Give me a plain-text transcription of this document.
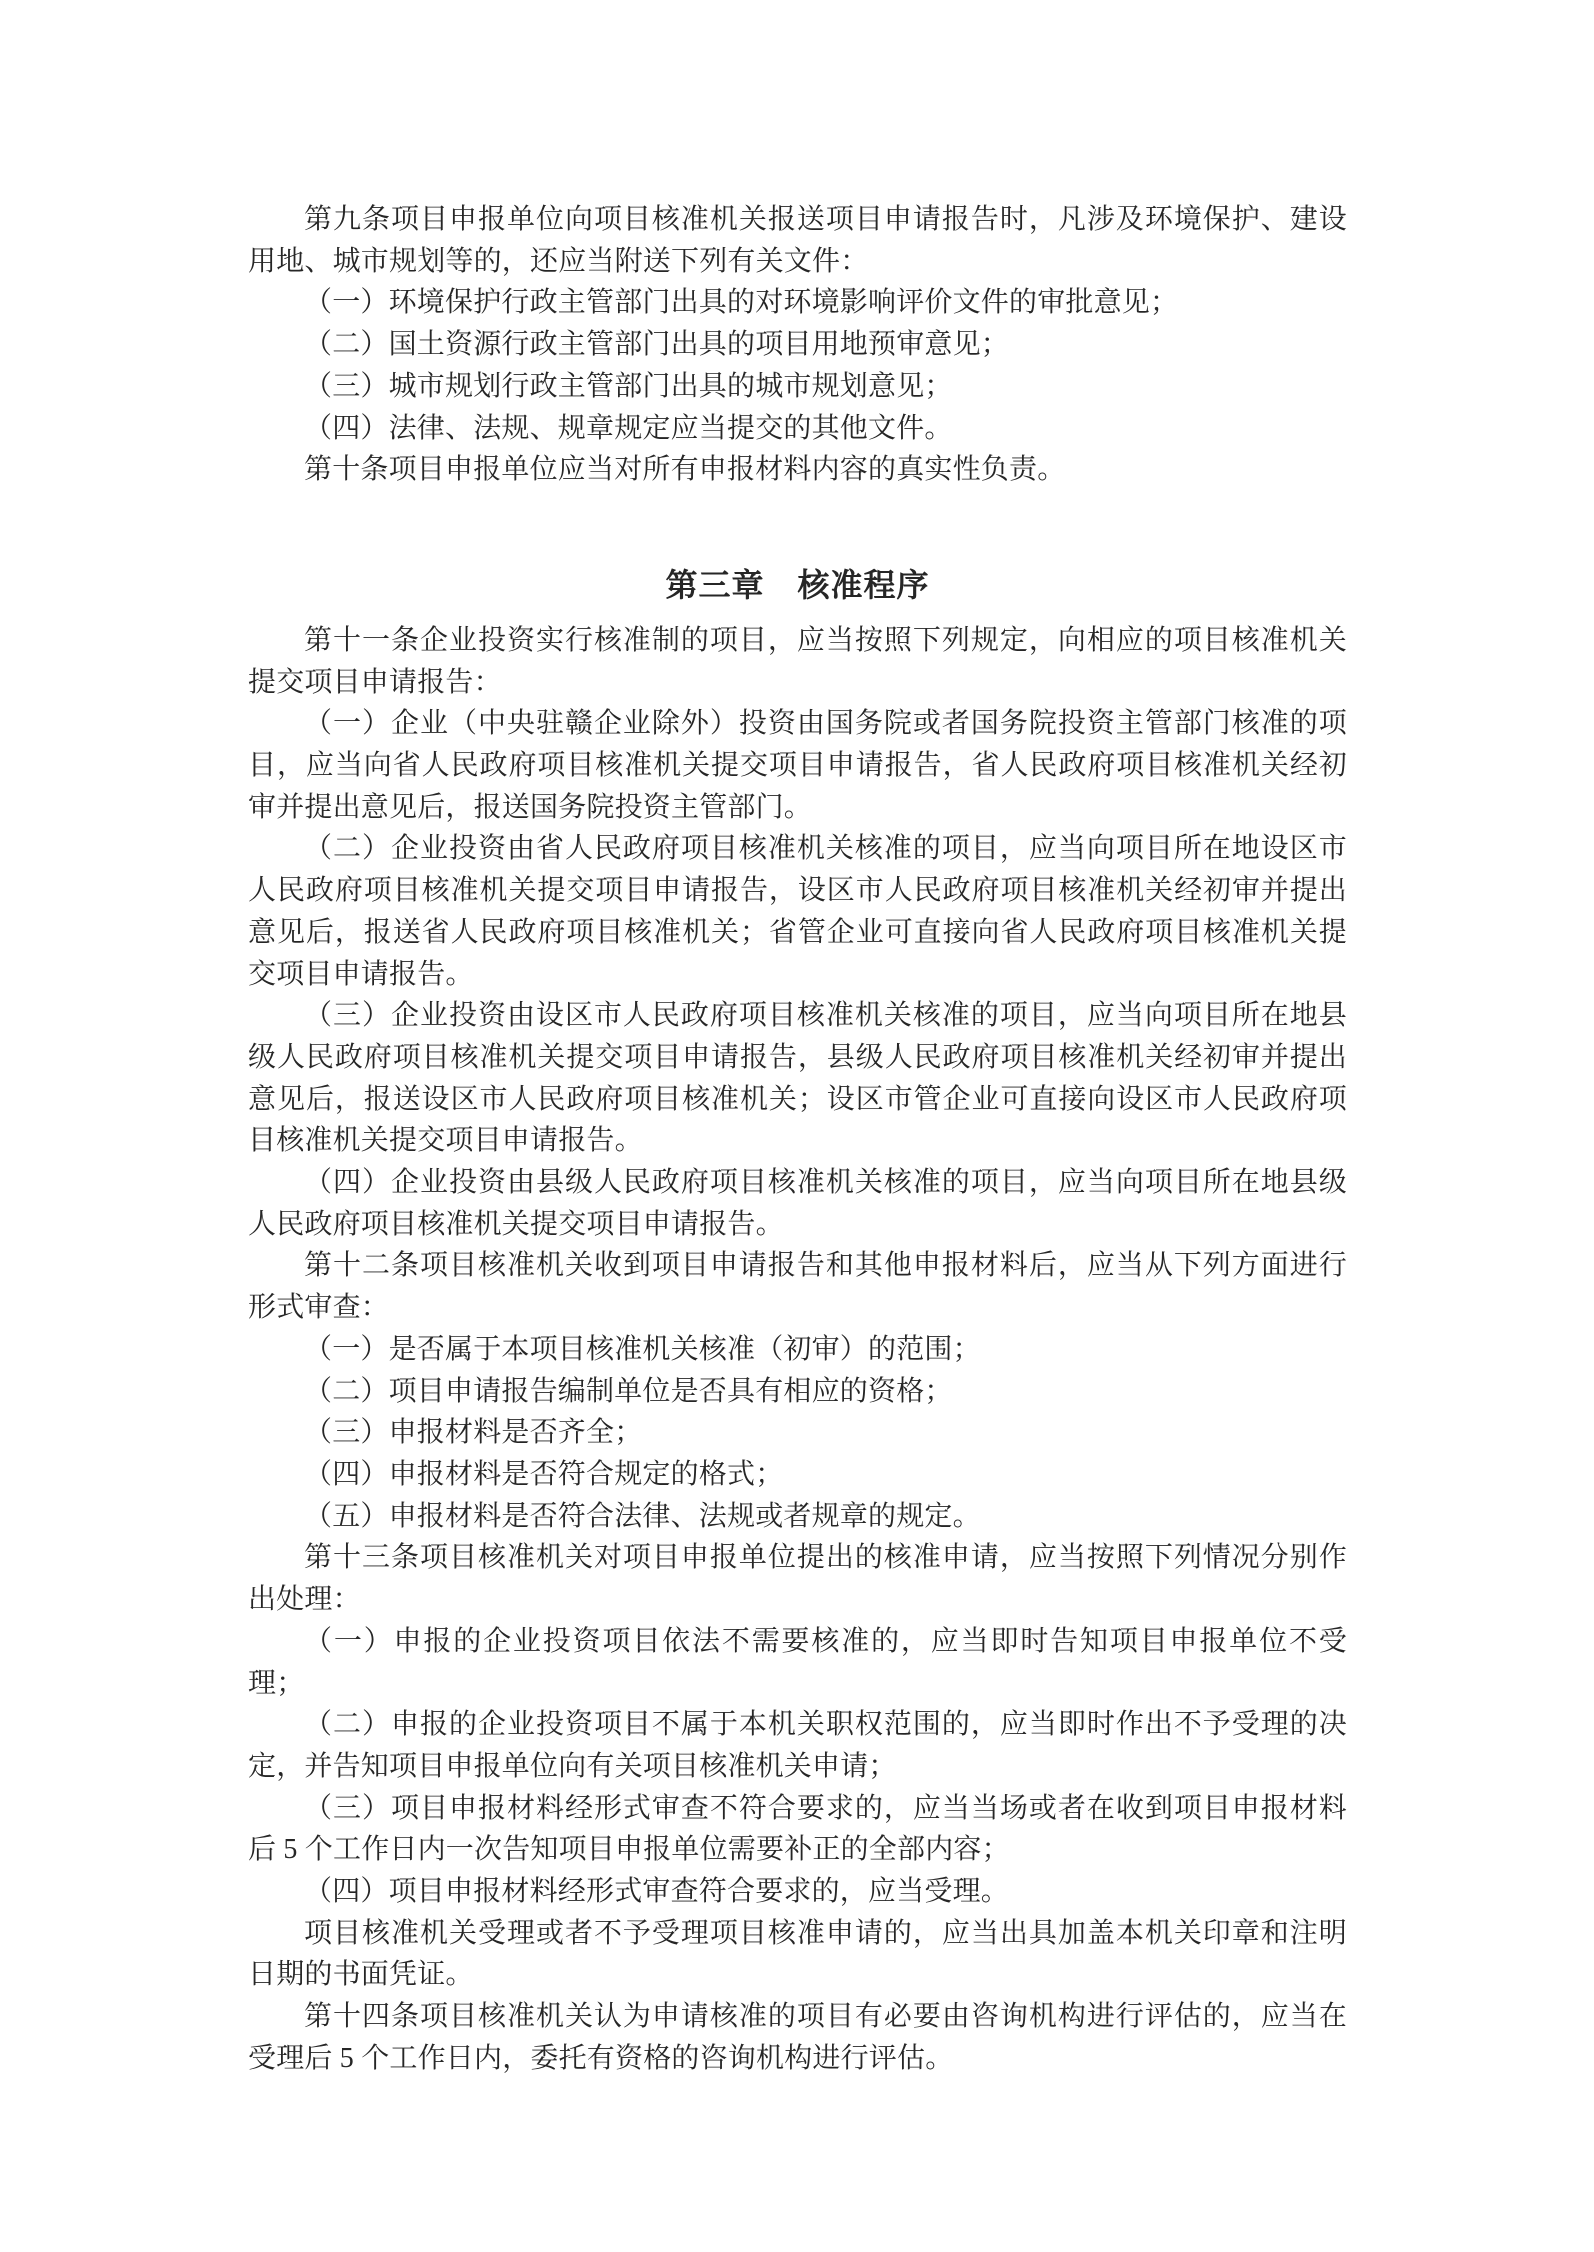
第九条项目申报单位向项目核准机关报送项目申请报告时，凡涉及环境保护、建设用地、城市规划等的，还应当附送下列有关文件：

（一）环境保护行政主管部门出具的对环境影响评价文件的审批意见；

（二）国土资源行政主管部门出具的项目用地预审意见；

（三）城市规划行政主管部门出具的城市规划意见；

（四）法律、法规、规章规定应当提交的其他文件。

第十条项目申报单位应当对所有申报材料内容的真实性负责。

第三章　核准程序

第十一条企业投资实行核准制的项目，应当按照下列规定，向相应的项目核准机关提交项目申请报告：

（一）企业（中央驻赣企业除外）投资由国务院或者国务院投资主管部门核准的项目，应当向省人民政府项目核准机关提交项目申请报告，省人民政府项目核准机关经初审并提出意见后，报送国务院投资主管部门。

（二）企业投资由省人民政府项目核准机关核准的项目，应当向项目所在地设区市人民政府项目核准机关提交项目申请报告，设区市人民政府项目核准机关经初审并提出意见后，报送省人民政府项目核准机关；省管企业可直接向省人民政府项目核准机关提交项目申请报告。

（三）企业投资由设区市人民政府项目核准机关核准的项目，应当向项目所在地县级人民政府项目核准机关提交项目申请报告，县级人民政府项目核准机关经初审并提出意见后，报送设区市人民政府项目核准机关；设区市管企业可直接向设区市人民政府项目核准机关提交项目申请报告。

（四）企业投资由县级人民政府项目核准机关核准的项目，应当向项目所在地县级人民政府项目核准机关提交项目申请报告。

第十二条项目核准机关收到项目申请报告和其他申报材料后，应当从下列方面进行形式审查：

（一）是否属于本项目核准机关核准（初审）的范围；

（二）项目申请报告编制单位是否具有相应的资格；

（三）申报材料是否齐全；

（四）申报材料是否符合规定的格式；

（五）申报材料是否符合法律、法规或者规章的规定。

第十三条项目核准机关对项目申报单位提出的核准申请，应当按照下列情况分别作出处理：

（一）申报的企业投资项目依法不需要核准的，应当即时告知项目申报单位不受理；

（二）申报的企业投资项目不属于本机关职权范围的，应当即时作出不予受理的决定，并告知项目申报单位向有关项目核准机关申请；

（三）项目申报材料经形式审查不符合要求的，应当当场或者在收到项目申报材料后 5 个工作日内一次告知项目申报单位需要补正的全部内容；

（四）项目申报材料经形式审查符合要求的，应当受理。

项目核准机关受理或者不予受理项目核准申请的，应当出具加盖本机关印章和注明日期的书面凭证。

第十四条项目核准机关认为申请核准的项目有必要由咨询机构进行评估的，应当在受理后 5 个工作日内，委托有资格的咨询机构进行评估。
